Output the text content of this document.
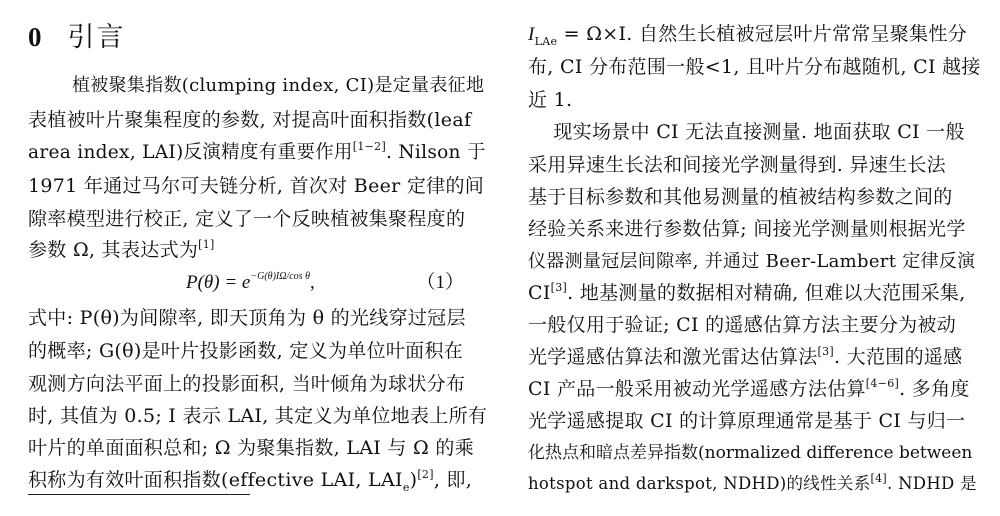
0 引言
植被聚集指数(clumping index, CI)是定量表征地
表植被叶片聚集程度的参数, 对提高叶面积指数(leaf
area index, LAI)反演精度有重要作用[1−2]. Nilson 于
1971 年通过马尔可夫链分析, 首次对 Beer 定律的间
隙率模型进行校正, 定义了一个反映植被集聚程度的
参数 Ω, 其表达式为[1]
$P(\theta) = e^{-G(\theta)I\Omega/cos \theta}$,	（1）
式中: P(θ)为间隙率, 即天顶角为 θ 的光线穿过冠层
的概率; G(θ)是叶片投影函数, 定义为单位叶面积在
观测方向法平面上的投影面积, 当叶倾角为球状分布
时, 其值为 0.5; I 表示 LAI, 其定义为单位地表上所有
叶片的单面面积总和; Ω 为聚集指数, LAI 与 Ω 的乘
积称为有效叶面积指数(effective LAI, $LAI_e)[2]$, 即,
$I_{LAe} = \Omega\times I$. 自然生长植被冠层叶片常常呈聚集性分
布, CI 分布范围一般<1, 且叶片分布越随机, CI 越接
近 1.
现实场景中 CI 无法直接测量. 地面获取 CI 一般
采用异速生长法和间接光学测量得到. 异速生长法
基于目标参数和其他易测量的植被结构参数之间的
经验关系来进行参数估算; 间接光学测量则根据光学
仪器测量冠层间隙率, 并通过 Beer-Lambert 定律反演
CI[3]. 地基测量的数据相对精确, 但难以大范围采集,
一般仅用于验证; CI 的遥感估算方法主要分为被动
光学遥感估算法和激光雷达估算法[3]. 大范围的遥感
CI 产品一般采用被动光学遥感方法估算[4−6]. 多角度
光学遥感提取 CI 的计算原理通常是基于 CI 与归一
化热点和暗点差异指数(normalized difference between
hotspot and darkspot, NDHD)的线性关系[4]. NDHD 是
